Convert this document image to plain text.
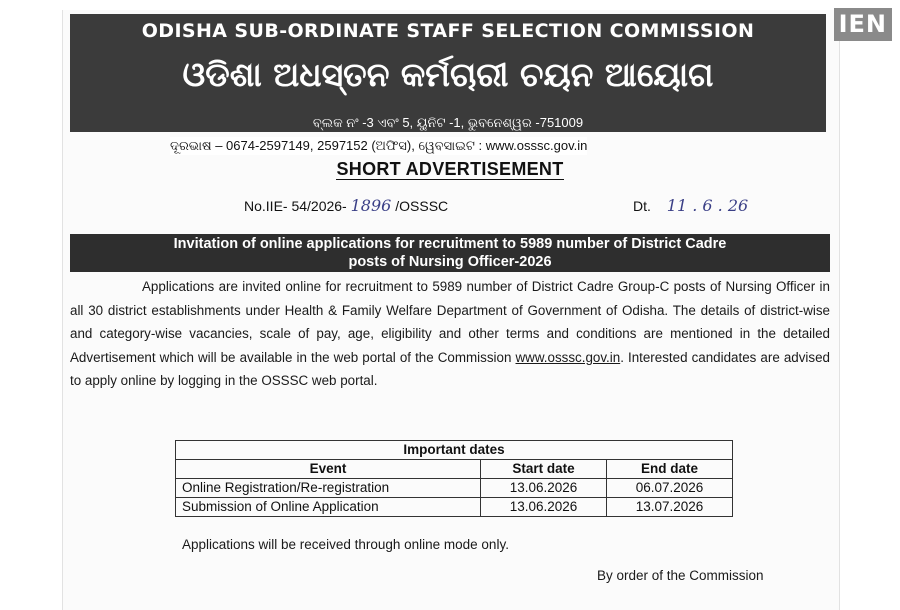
IEN
ODISHA SUB-ORDINATE STAFF SELECTION COMMISSION
ଓଡିଶା ଅଧସ୍ତନ କର୍ମଚାରୀ ଚୟନ ଆୟୋଗ
ବ୍ଲକ ନଂ -3 ଏବଂ 5, ୟୁନିଟ -1, ଭୁବନେଶ୍ୱର -751009
ଦୂରଭାଷ – 0674-2597149, 2597152 (ଅଫିସ), ୱେବସାଇଟ : www.osssc.gov.in
SHORT ADVERTISEMENT
No.IIE- 54/2026- 1896 /OSSSC	Dt. 11 . 6 . 26
Invitation of online applications for recruitment to 5989 number of District Cadre
posts of Nursing Officer-2026

Applications are invited online for recruitment to 5989 number of District Cadre Group-C posts of Nursing Officer in all 30 district establishments under Health & Family Welfare Department of Government of Odisha. The details of district-wise and category-wise vacancies, scale of pay, age, eligibility and other terms and conditions are mentioned in the detailed Advertisement which will be available in the web portal of the Commission www.osssc.gov.in. Interested candidates are advised to apply online by logging in the OSSSC web portal.

Important dates		
Event	Start date	End date
Online Registration/Re-registration	13.06.2026	06.07.2026
Submission of Online Application	13.06.2026	13.07.2026
Applications will be received through online mode only.
By order of the Commission
